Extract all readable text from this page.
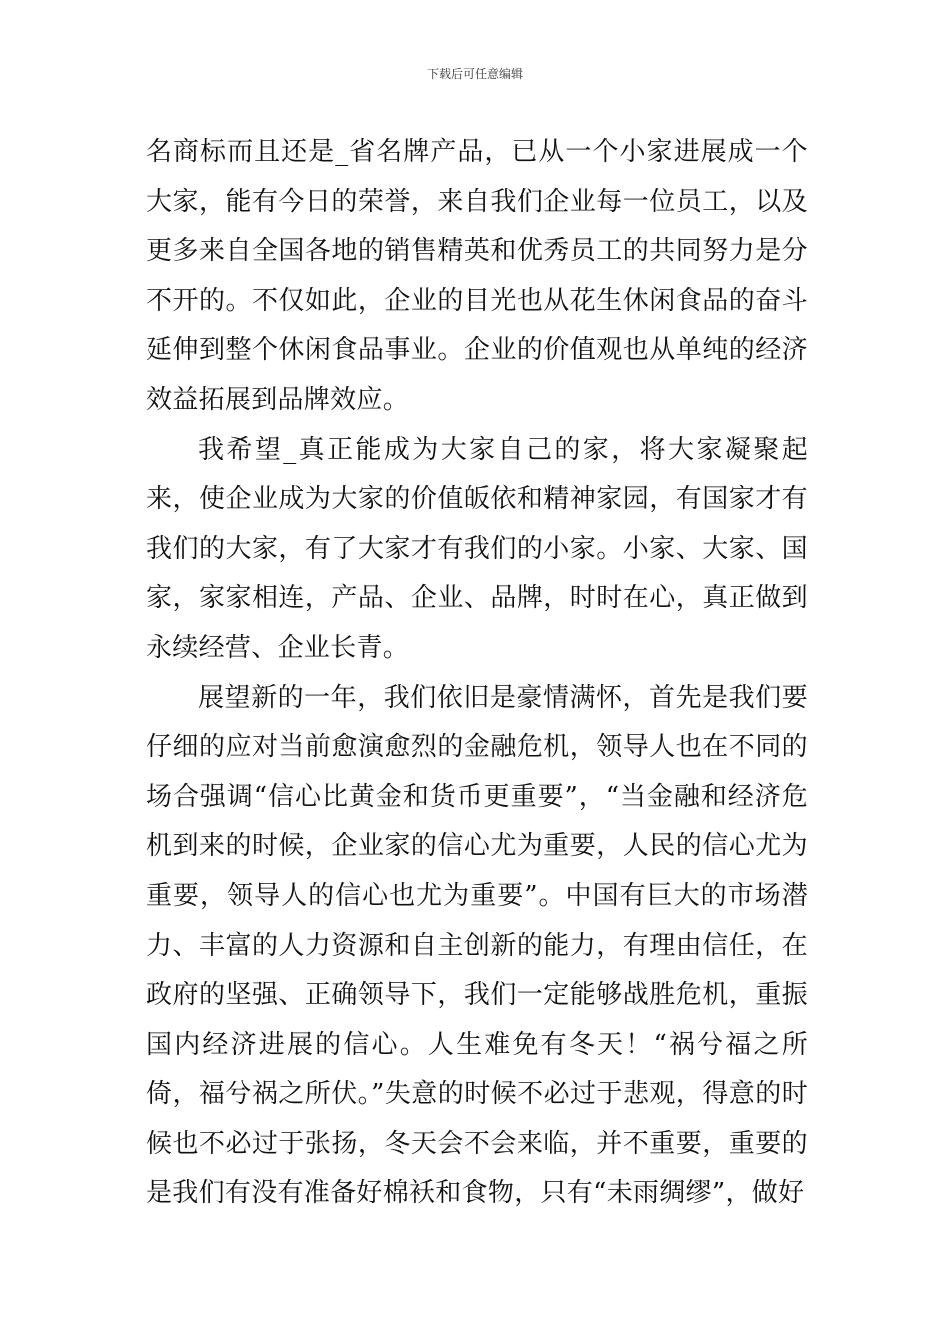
下载后可任意编辑

名商标而且还是_省名牌产品，已从一个小家进展成一个大家，能有今日的荣誉，来自我们企业每一位员工，以及更多来自全国各地的销售精英和优秀员工的共同努力是分不开的。不仅如此，企业的目光也从花生休闲食品的奋斗延伸到整个休闲食品事业。企业的价值观也从单纯的经济效益拓展到品牌效应。

我希望_真正能成为大家自己的家，将大家凝聚起来，使企业成为大家的价值皈依和精神家园，有国家才有我们的大家，有了大家才有我们的小家。小家、大家、国家，家家相连，产品、企业、品牌，时时在心，真正做到永续经营、企业长青。

展望新的一年，我们依旧是豪情满怀，首先是我们要仔细的应对当前愈演愈烈的金融危机，领导人也在不同的场合强调“信心比黄金和货币更重要”，“当金融和经济危机到来的时候，企业家的信心尤为重要，人民的信心尤为重要，领导人的信心也尤为重要”。中国有巨大的市场潜力、丰富的人力资源和自主创新的能力，有理由信任，在政府的坚强、正确领导下，我们一定能够战胜危机，重振国内经济进展的信心。人生难免有冬天！“祸兮福之所倚，福兮祸之所伏。”失意的时候不必过于悲观，得意的时候也不必过于张扬，冬天会不会来临，并不重要，重要的是我们有没有准备好棉袄和食物，只有“未雨绸缪”，做好
